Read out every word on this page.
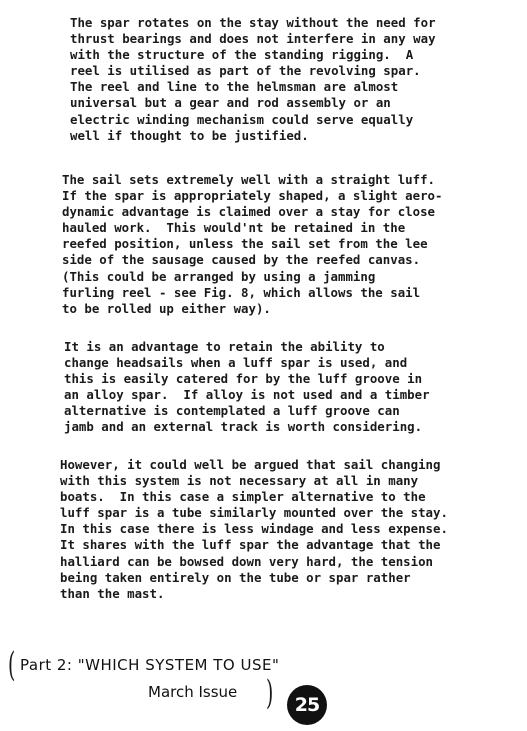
The spar rotates on the stay without the need for
thrust bearings and does not interfere in any way
with the structure of the standing rigging.  A
reel is utilised as part of the revolving spar.
The reel and line to the helmsman are almost
universal but a gear and rod assembly or an
electric winding mechanism could serve equally
well if thought to be justified.
The sail sets extremely well with a straight luff.
If the spar is appropriately shaped, a slight aero-
dynamic advantage is claimed over a stay for close
hauled work.  This would'nt be retained in the
reefed position, unless the sail set from the lee
side of the sausage caused by the reefed canvas.
(This could be arranged by using a jamming
furling reel - see Fig. 8, which allows the sail
to be rolled up either way).
It is an advantage to retain the ability to
change headsails when a luff spar is used, and
this is easily catered for by the luff groove in
an alloy spar.  If alloy is not used and a timber
alternative is contemplated a luff groove can
jamb and an external track is worth considering.
However, it could well be argued that sail changing
with this system is not necessary at all in many
boats.  In this case a simpler alternative to the
luff spar is a tube similarly mounted over the stay.
In this case there is less windage and less expense.
It shares with the luff spar the advantage that the
halliard can be bowsed down very hard, the tension
being taken entirely on the tube or spar rather
than the mast.
( Part 2: "WHICH SYSTEM TO USE"
March Issue )	25
